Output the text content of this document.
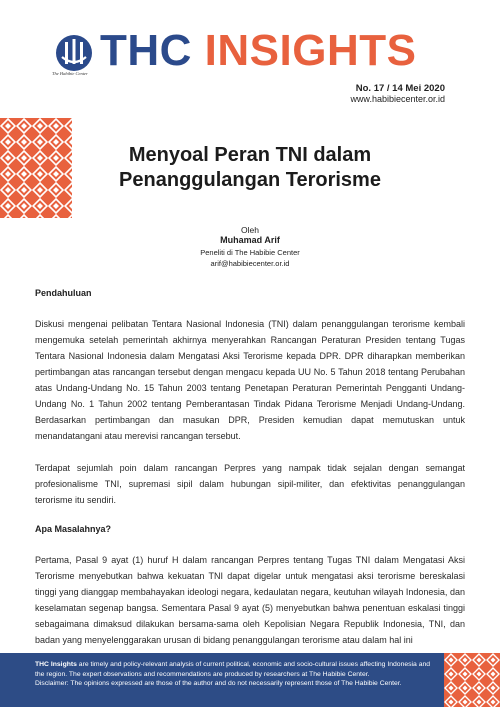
The Habibie Center THC INSIGHTS
No. 17 / 14 Mei 2020
www.habibiecenter.or.id
Menyoal Peran TNI dalam
Penanggulangan Terorisme
Oleh
Muhamad Arif
Peneliti di The Habibie Center
arif@habibiecenter.or.id
Pendahuluan

Diskusi mengenai pelibatan Tentara Nasional Indonesia (TNI) dalam penanggulangan terorisme kembali mengemuka setelah pemerintah akhirnya menyerahkan Rancangan Peraturan Presiden tentang Tugas Tentara Nasional Indonesia dalam Mengatasi Aksi Terorisme kepada DPR. DPR diharapkan memberikan pertimbangan atas rancangan tersebut dengan mengacu kepada UU No. 5 Tahun 2018 tentang Perubahan atas Undang-Undang No. 15 Tahun 2003 tentang Penetapan Peraturan Pemerintah Pengganti Undang-Undang No. 1 Tahun 2002 tentang Pemberantasan Tindak Pidana Terorisme Menjadi Undang-Undang. Berdasarkan pertimbangan dan masukan DPR, Presiden kemudian dapat memutuskan untuk menandatangani atau merevisi rancangan tersebut.

Terdapat sejumlah poin dalam rancangan Perpres yang nampak tidak sejalan dengan semangat profesionalisme TNI, supremasi sipil dalam hubungan sipil-militer, dan efektivitas penanggulangan terorisme itu sendiri.

Apa Masalahnya?

Pertama, Pasal 9 ayat (1) huruf H dalam rancangan Perpres tentang Tugas TNI dalam Mengatasi Aksi Terorisme menyebutkan bahwa kekuatan TNI dapat digelar untuk mengatasi aksi terorisme bereskalasi tinggi yang dianggap membahayakan ideologi negara, kedaulatan negara, keutuhan wilayah Indonesia, dan keselamatan segenap bangsa. Sementara Pasal 9 ayat (5) menyebutkan bahwa penentuan eskalasi tinggi sebagaimana dimaksud dilakukan bersama-sama oleh Kepolisian Negara Republik Indonesia, TNI, dan badan yang menyelenggarakan urusan di bidang penanggulangan terorisme atau dalam hal ini

THC Insights are timely and policy-relevant analysis of current political, economic and socio-cultural issues affecting Indonesia and the region. The expert observations and recommendations are produced by researchers at The Habibie Center.

Disclaimer: The opinions expressed are those of the author and do not necessarily represent those of The Habibie Center.
